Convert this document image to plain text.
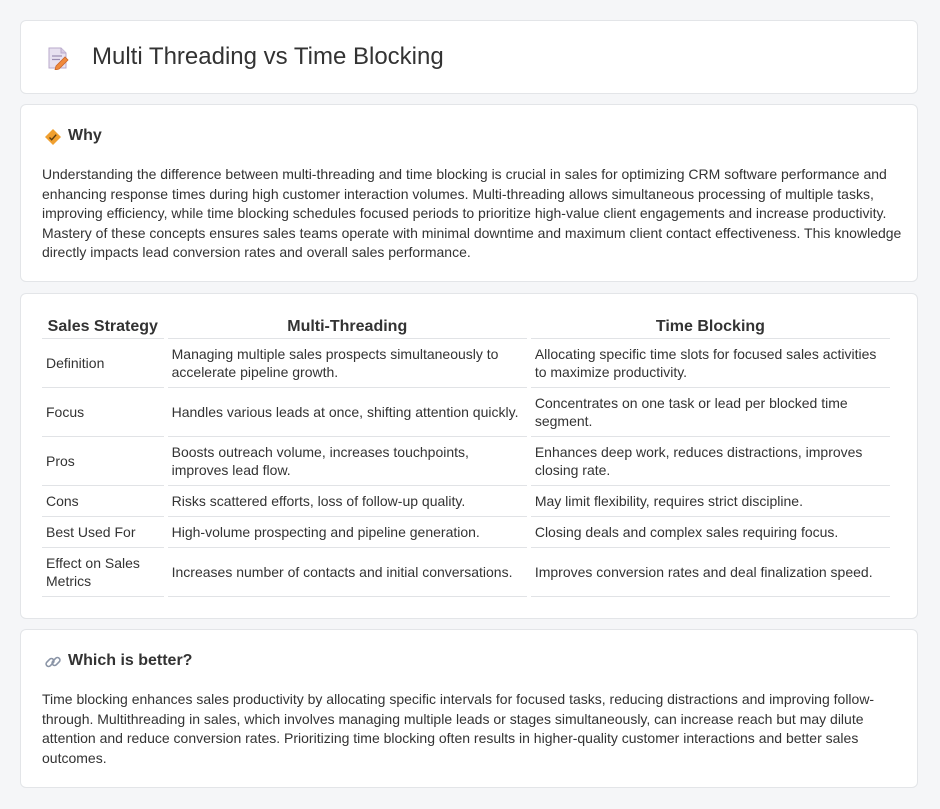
Multi Threading vs Time Blocking
Why

Understanding the difference between multi-threading and time blocking is crucial in sales for optimizing CRM software performance and enhancing response times during high customer interaction volumes. Multi-threading allows simultaneous processing of multiple tasks, improving efficiency, while time blocking schedules focused periods to prioritize high-value client engagements and increase productivity. Mastery of these concepts ensures sales teams operate with minimal downtime and maximum client contact effectiveness. This knowledge directly impacts lead conversion rates and overall sales performance.

Sales Strategy	Multi-Threading	Time Blocking
Definition	Managing multiple sales prospects simultaneously to accelerate pipeline growth.	Allocating specific time slots for focused sales activities to maximize productivity.
Focus	Handles various leads at once, shifting attention quickly.	Concentrates on one task or lead per blocked time segment.
Pros	Boosts outreach volume, increases touchpoints, improves lead flow.	Enhances deep work, reduces distractions, improves closing rate.
Cons	Risks scattered efforts, loss of follow-up quality.	May limit flexibility, requires strict discipline.
Best Used For	High-volume prospecting and pipeline generation.	Closing deals and complex sales requiring focus.
Effect on Sales Metrics	Increases number of contacts and initial conversations.	Improves conversion rates and deal finalization speed.
Which is better?

Time blocking enhances sales productivity by allocating specific intervals for focused tasks, reducing distractions and improving follow-through. Multithreading in sales, which involves managing multiple leads or stages simultaneously, can increase reach but may dilute attention and reduce conversion rates. Prioritizing time blocking often results in higher-quality customer interactions and better sales outcomes.
